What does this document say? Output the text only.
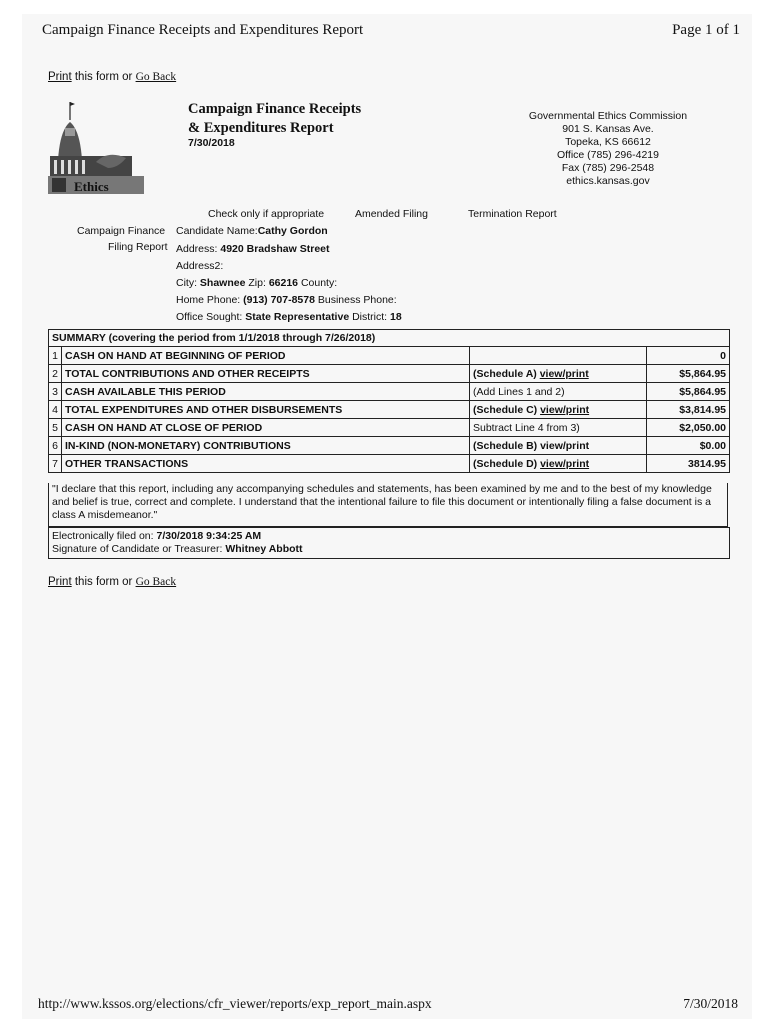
Campaign Finance Receipts and Expenditures Report	Page 1 of 1
Print this form or Go Back
Ethics
Campaign Finance Receipts
& Expenditures Report
7/30/2018
Governmental Ethics Commission
901 S. Kansas Ave.
Topeka, KS 66612
Office (785) 296-4219
Fax (785) 296-2548
ethics.kansas.gov
Check only if appropriate	Amended Filing	Termination Report
Campaign Finance
Filing Report
Candidate Name:Cathy Gordon
Address: 4920 Bradshaw Street
Address2:
City: Shawnee Zip: 66216 County:
Home Phone: (913) 707-8578 Business Phone:
Office Sought: State Representative District: 18
SUMMARY (covering the period from 1/1/2018 through 7/26/2018)			
1	CASH ON HAND AT BEGINNING OF PERIOD		0
2	TOTAL CONTRIBUTIONS AND OTHER RECEIPTS	(Schedule A) view/print	$5,864.95
3	CASH AVAILABLE THIS PERIOD	(Add Lines 1 and 2)	$5,864.95
4	TOTAL EXPENDITURES AND OTHER DISBURSEMENTS	(Schedule C) view/print	$3,814.95
5	CASH ON HAND AT CLOSE OF PERIOD	Subtract Line 4 from 3)	$2,050.00
6	IN-KIND (NON-MONETARY) CONTRIBUTIONS	(Schedule B) view/print	$0.00
7	OTHER TRANSACTIONS	(Schedule D) view/print	3814.95
"I declare that this report, including any accompanying schedules and statements, has been examined by me and to the best of my knowledge and belief is true, correct and complete. I understand that the intentional failure to file this document or intentionally filing a false document is a class A misdemeanor."
Electronically filed on: 7/30/2018 9:34:25 AM
Signature of Candidate or Treasurer: Whitney Abbott
Print this form or Go Back
http://www.kssos.org/elections/cfr_viewer/reports/exp_report_main.aspx	7/30/2018
